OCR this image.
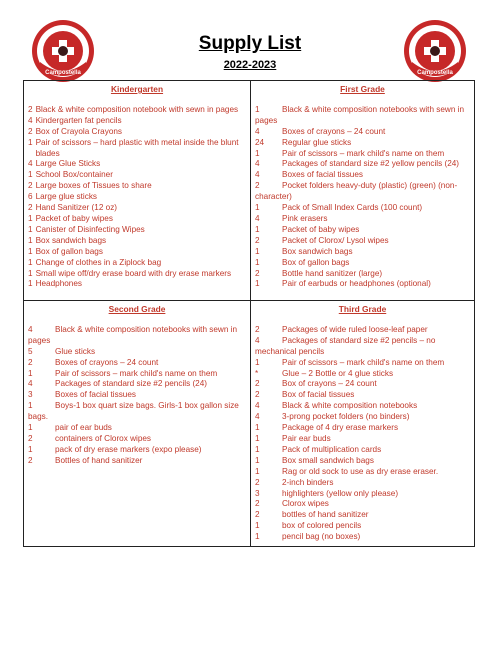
Campostella	Campostella
Supply List
2022-2023
Kindergarten
2 Black & white composition notebook with sewn in pages
4 Kindergarten fat pencils
2 Box of Crayola Crayons
1 Pair of scissors – hard plastic with metal inside the blunt blades
4 Large Glue Sticks
1 School Box/container
2 Large boxes of Tissues to share
6 Large glue sticks
2 Hand Sanitizer (12 oz)
1 Packet of baby wipes
1 Canister of Disinfecting Wipes
1 Box sandwich bags
1 Box of gallon bags
1 Change of clothes in a Ziplock bag
1 Small wipe off/dry erase board with dry erase markers
1 Headphones
First Grade
1	Black & white composition notebooks with sewn in pages
4	Boxes of crayons – 24 count
24 Regular glue sticks
1	Pair of scissors – mark child's name on them
4	Packages of standard size #2 yellow pencils (24)
4	Boxes of facial tissues
2	Pocket folders heavy-duty (plastic) (green) (non-character)
1	Pack of Small Index Cards (100 count)
4	Pink erasers
1	Packet of baby wipes
2	Packet of Clorox/ Lysol wipes
1	Box sandwich bags
1	Box of gallon bags
2	Bottle hand sanitizer (large)
1	Pair of earbuds or headphones (optional)
Second Grade
4	Black & white composition notebooks with sewn in pages
5	Glue sticks
2	Boxes of crayons – 24 count
1	Pair of scissors – mark child's name on them
4	Packages of standard size #2 pencils (24)
3	Boxes of facial tissues
1	Boys-1 box quart size bags. Girls-1 box gallon size bags.
1	pair of ear buds
2	containers of Clorox wipes
1	pack of dry erase markers (expo please)
2	Bottles of hand sanitizer
Third Grade
2	Packages of wide ruled loose-leaf paper
4	Packages of standard size #2 pencils – no mechanical pencils
1	Pair of scissors – mark child's name on them
*	Glue – 2 Bottle or 4 glue sticks
2	Box of crayons – 24 count
2	Box of facial tissues
4	Black & white composition notebooks
4	3-prong pocket folders (no binders)
1	Package of 4 dry erase markers
1	Pair ear buds
1	Pack of multiplication cards
1	Box small sandwich bags
1	Rag or old sock to use as dry erase eraser.
2	2-inch binders
3	highlighters (yellow only please)
2	Clorox wipes
2	bottles of hand sanitizer
1	box of colored pencils
1	pencil bag (no boxes)
